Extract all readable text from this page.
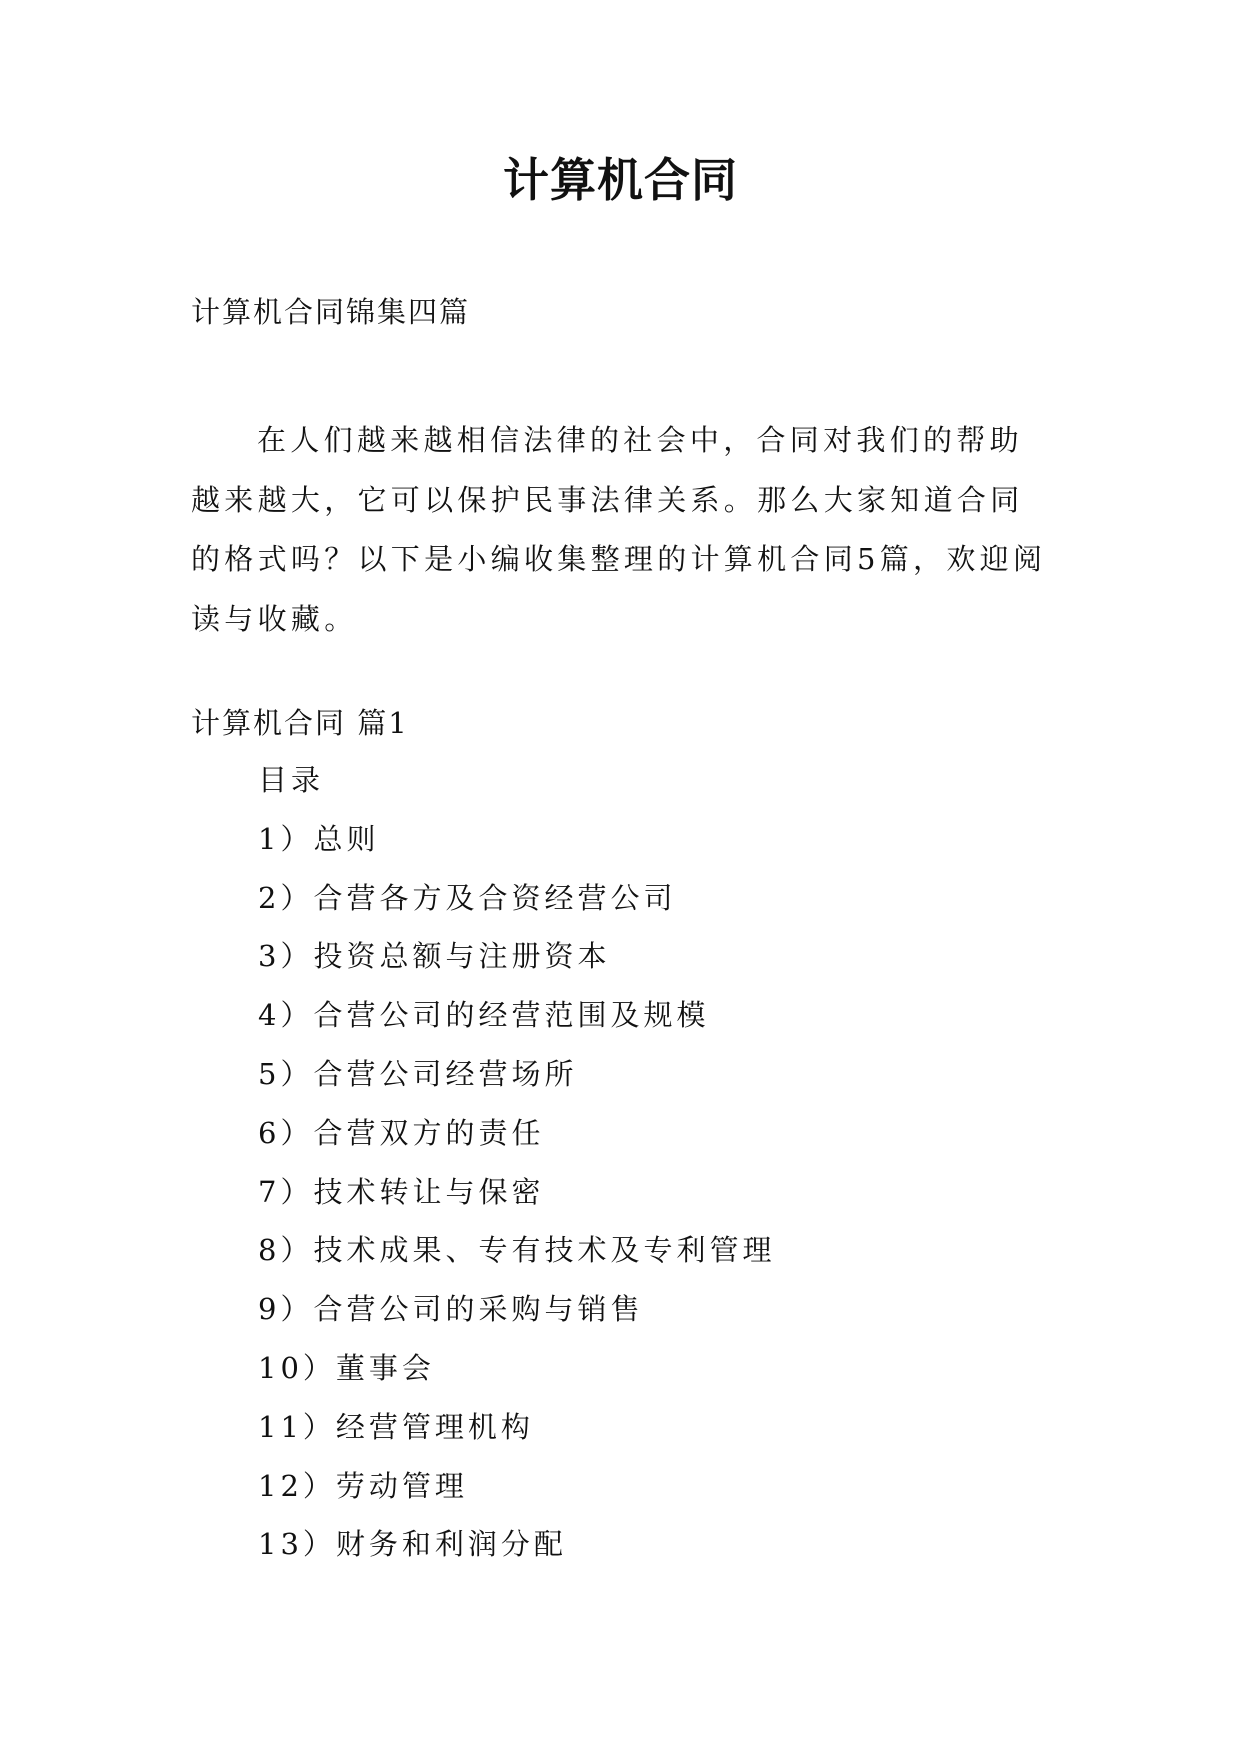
计算机合同
计算机合同锦集四篇

在人们越来越相信法律的社会中，合同对我们的帮助越来越大，它可以保护民事法律关系。那么大家知道合同的格式吗？以下是小编收集整理的计算机合同5篇，欢迎阅读与收藏。

计算机合同 篇1
目录
1）总则
2）合营各方及合资经营公司
3）投资总额与注册资本
4）合营公司的经营范围及规模
5）合营公司经营场所
6）合营双方的责任
7）技术转让与保密
8）技术成果、专有技术及专利管理
9）合营公司的采购与销售
10）董事会
11）经营管理机构
12）劳动管理
13）财务和利润分配
